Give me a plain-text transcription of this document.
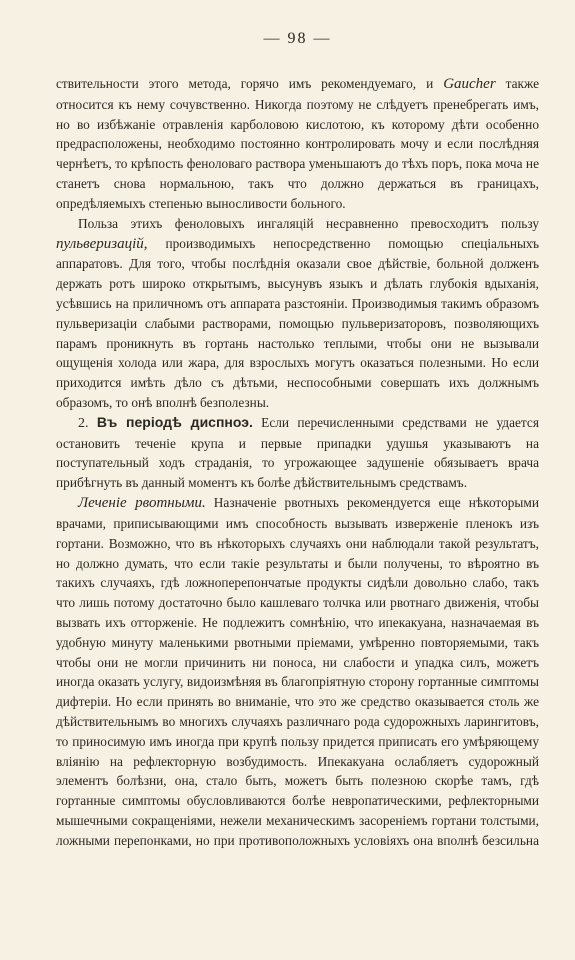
— 98 —

ствительности этого метода, горячо имъ рекомендуемаго, и Gaucher также относится къ нему сочувственно. Никогда поэтому не слѣдуетъ пренебрегать имъ, но во избѣжаніе отравленія карболовою кислотою, къ которому дѣти особенно предрасположены, необходимо постоянно контролировать мочу и если послѣдняя чернѣетъ, то крѣпость феноловаго раствора уменьшаютъ до тѣхъ поръ, пока моча не станетъ снова нормальною, такъ что должно держаться въ границахъ, опредѣляемыхъ степенью выносливости больного.

Польза этихъ феноловыхъ ингаляцій несравненно превосходитъ пользу пульверизацій, производимыхъ непосредственно помощью спеціальныхъ аппаратовъ. Для того, чтобы послѣднія оказали свое дѣйствіе, больной долженъ держать ротъ широко открытымъ, высунувъ языкъ и дѣлать глубокія вдыханія, усѣвшись на приличномъ отъ аппарата разстояніи. Производимыя такимъ образомъ пульверизаціи слабыми растворами, помощью пульверизаторовъ, позволяющихъ парамъ проникнуть въ гортань настолько теплыми, чтобы они не вызывали ощущенія холода или жара, для взрослыхъ могутъ оказаться полезными. Но если приходится имѣть дѣло съ дѣтьми, неспособными совершать ихъ должнымъ образомъ, то онѣ вполнѣ безполезны.

2. Въ періодѣ диспноэ. Если перечисленными средствами не удается остановить теченіе крупа и первые припадки удушья указываютъ на поступательный ходъ страданія, то угрожающее задушеніе обязываетъ врача прибѣгнуть въ данный моментъ къ болѣе дѣйствительнымъ средствамъ.

Леченіе рвотными. Назначеніе рвотныхъ рекомендуется еще нѣкоторыми врачами, приписывающими имъ способность вызывать изверженіе пленокъ изъ гортани. Возможно, что въ нѣкоторыхъ случаяхъ они наблюдали такой результатъ, но должно думать, что если такіе результаты и были получены, то вѣроятно въ такихъ случаяхъ, гдѣ ложноперепончатые продукты сидѣли довольно слабо, такъ что лишь потому достаточно было кашлеваго толчка или рвотнаго движенія, чтобы вызвать ихъ отторженіе. Не подлежитъ сомнѣнію, что ипекакуана, назначаемая въ удобную минуту маленькими рвотными пріемами, умѣренно повторяемыми, такъ чтобы они не могли причинить ни поноса, ни слабости и упадка силъ, можетъ иногда оказать услугу, видоизмѣняя въ благопріятную сторону гортанные симптомы дифтеріи. Но если принять во вниманіе, что это же средство оказывается столь же дѣйствительнымъ во многихъ случаяхъ различнаго рода судорожныхъ ларингитовъ, то приносимую имъ иногда при крупѣ пользу придется приписать его умѣряющему вліянію на рефлекторную возбудимость. Ипекакуана ослабляетъ судорожный элементъ болѣзни, она, стало быть, можетъ быть полезною скорѣе тамъ, гдѣ гортанные симптомы обусловливаются болѣе невропатическими, рефлекторными мышечными сокращеніями, нежели механическимъ засореніемъ гортани толстыми, ложными перепонками, но при противоположныхъ условіяхъ она вполнѣ безсильна
